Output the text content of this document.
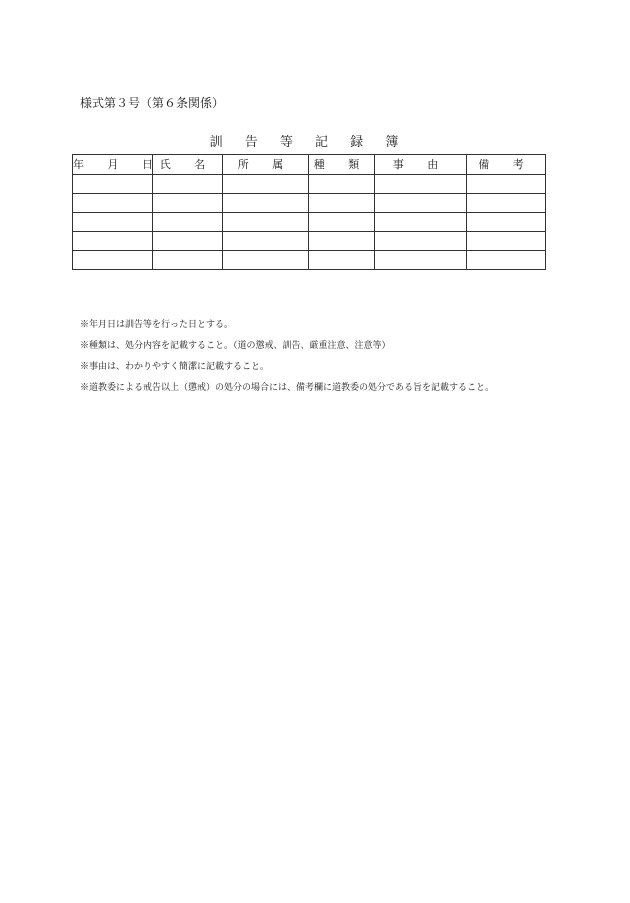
様式第３号（第６条関係）
訓 告 等 記 録 簿
年 月 日	氏 名	所 属	種 類	事 由	備 考

※年月日は訓告等を行った日とする。

※種類は、処分内容を記載すること。（道の懲戒、訓告、厳重注意、注意等）

※事由は、わかりやすく簡潔に記載すること。

※道教委による戒告以上（懲戒）の処分の場合には、備考欄に道教委の処分である旨を記載すること。
